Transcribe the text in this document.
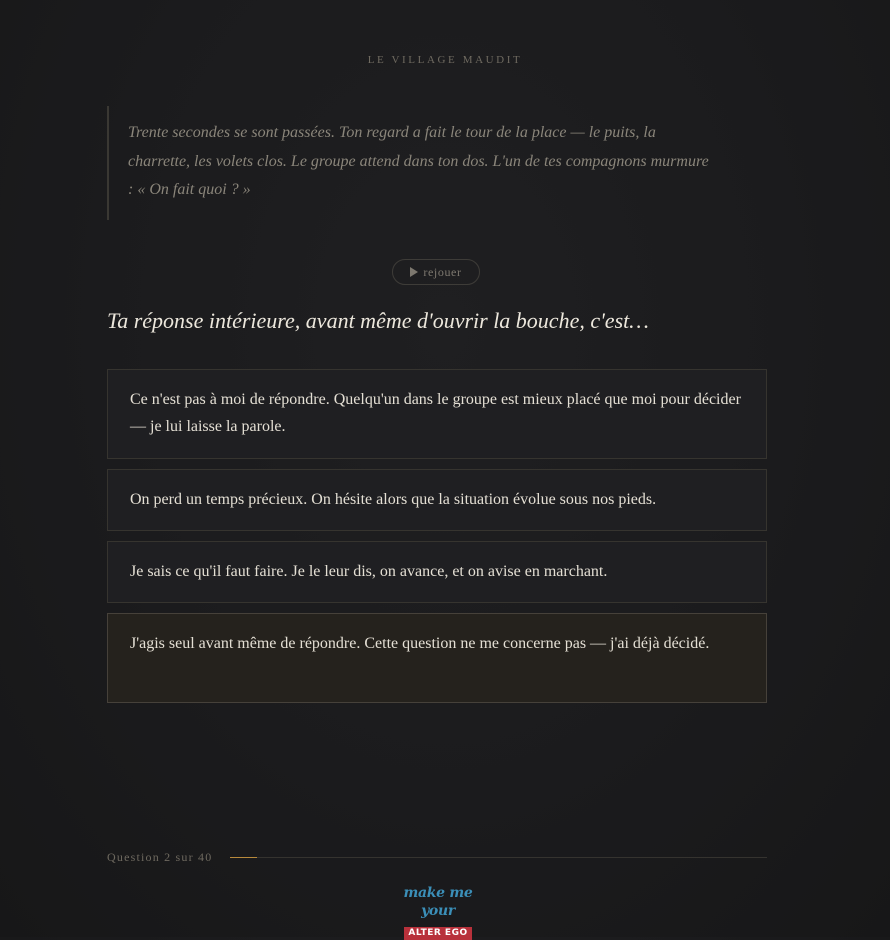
LE VILLAGE MAUDIT
Trente secondes se sont passées. Ton regard a fait le tour de la place — le puits, la charrette, les volets clos. Le groupe attend dans ton dos. L'un de tes compagnons murmure : « On fait quoi ? »
rejouer
Ta réponse intérieure, avant même d'ouvrir la bouche, c'est…
Ce n'est pas à moi de répondre. Quelqu'un dans le groupe est mieux placé que moi pour décider — je lui laisse la parole.
On perd un temps précieux. On hésite alors que la situation évolue sous nos pieds.
Je sais ce qu'il faut faire. Je le leur dis, on avance, et on avise en marchant.
J'agis seul avant même de répondre. Cette question ne me concerne pas — j'ai déjà décidé.
Question 2 sur 40
make me your
ALTER EGO
